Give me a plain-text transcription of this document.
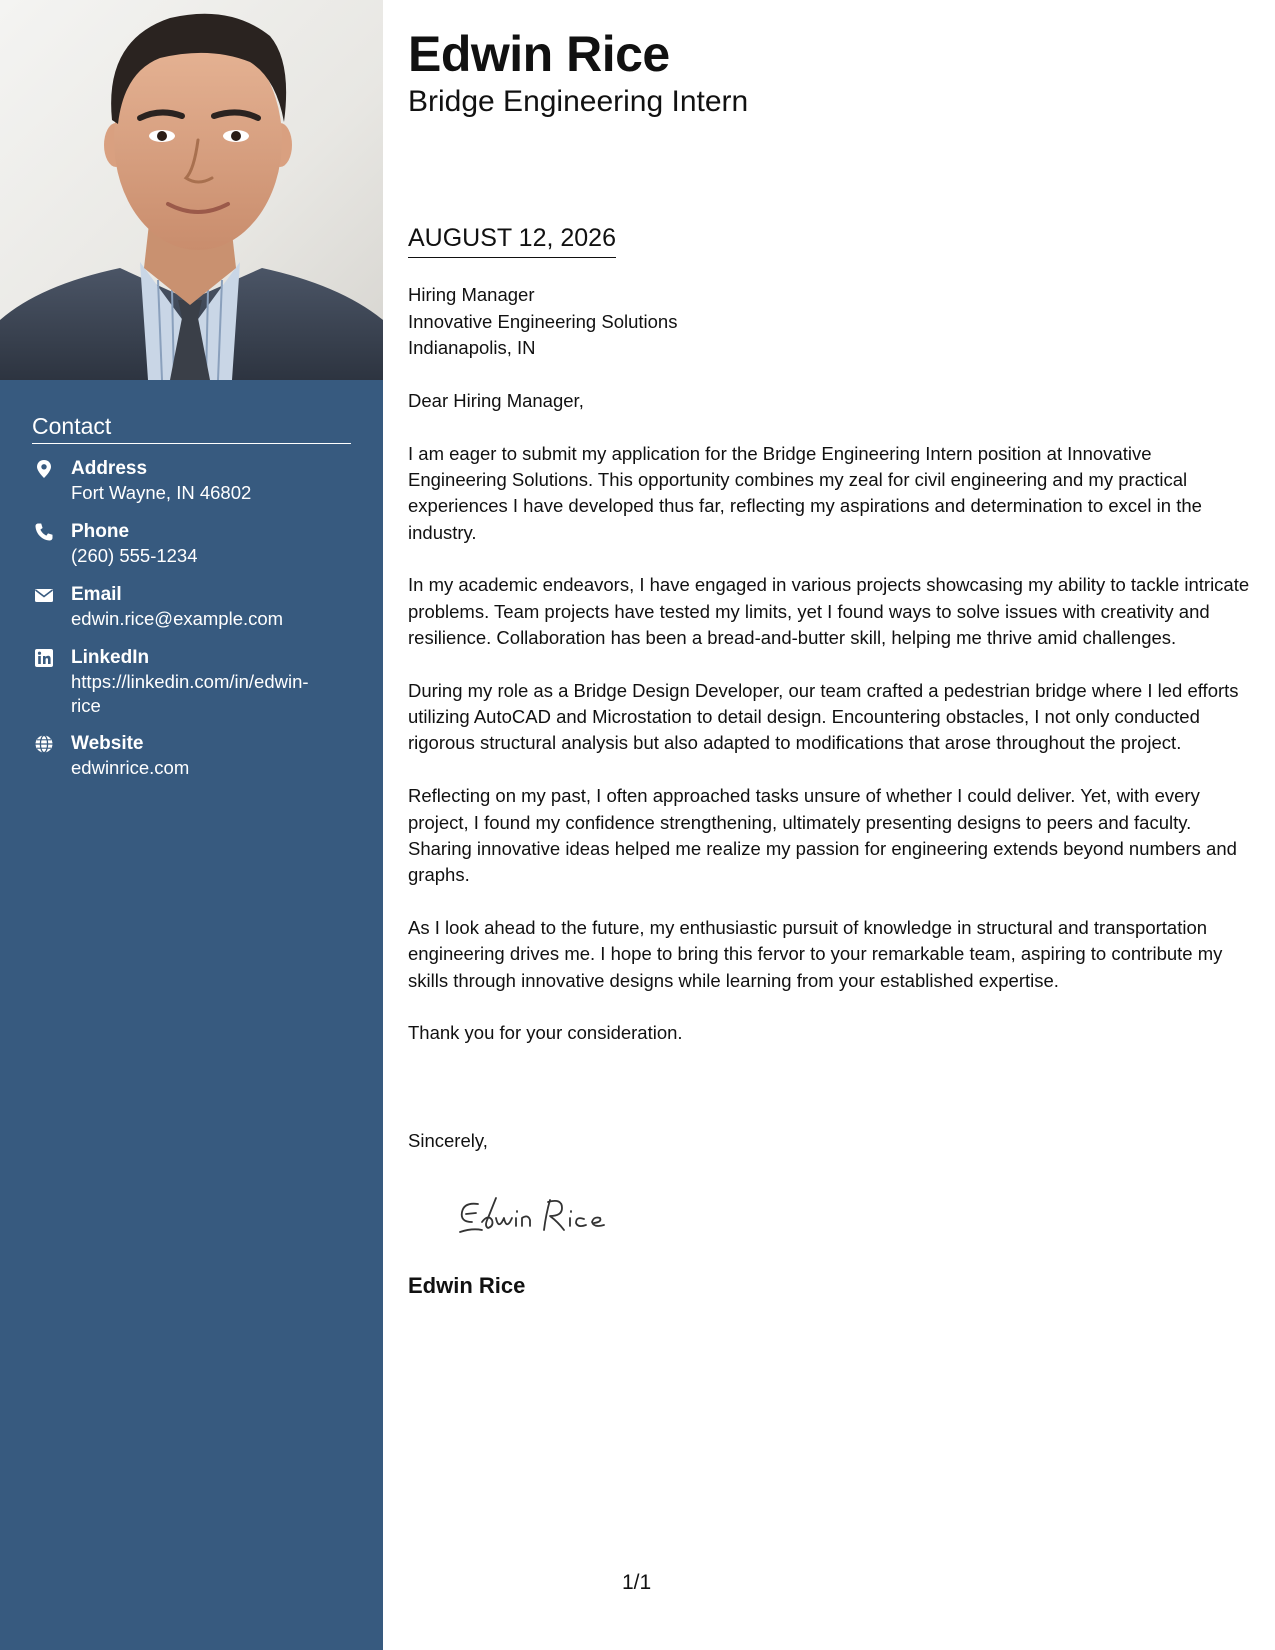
Contact
Address
Fort Wayne, IN 46802
Phone
(260) 555-1234
Email
edwin.rice@example.com
LinkedIn
https://linkedin.com/in/edwin-rice
Website
edwinrice.com
Edwin Rice
Bridge Engineering Intern
AUGUST 12, 2026
Hiring Manager
Innovative Engineering Solutions
Indianapolis, IN

Dear Hiring Manager,

I am eager to submit my application for the Bridge Engineering Intern position at Innovative Engineering Solutions. This opportunity combines my zeal for civil engineering and my practical experiences I have developed thus far, reflecting my aspirations and determination to excel in the industry.

In my academic endeavors, I have engaged in various projects showcasing my ability to tackle intricate problems. Team projects have tested my limits, yet I found ways to solve issues with creativity and resilience. Collaboration has been a bread-and-butter skill, helping me thrive amid challenges.

During my role as a Bridge Design Developer, our team crafted a pedestrian bridge where I led efforts utilizing AutoCAD and Microstation to detail design. Encountering obstacles, I not only conducted rigorous structural analysis but also adapted to modifications that arose throughout the project.

Reflecting on my past, I often approached tasks unsure of whether I could deliver. Yet, with every project, I found my confidence strengthening, ultimately presenting designs to peers and faculty. Sharing innovative ideas helped me realize my passion for engineering extends beyond numbers and graphs.

As I look ahead to the future, my enthusiastic pursuit of knowledge in structural and transportation engineering drives me. I hope to bring this fervor to your remarkable team, aspiring to contribute my skills through innovative designs while learning from your established expertise.

Thank you for your consideration.

Sincerely,
Edwin Rice
1/1
